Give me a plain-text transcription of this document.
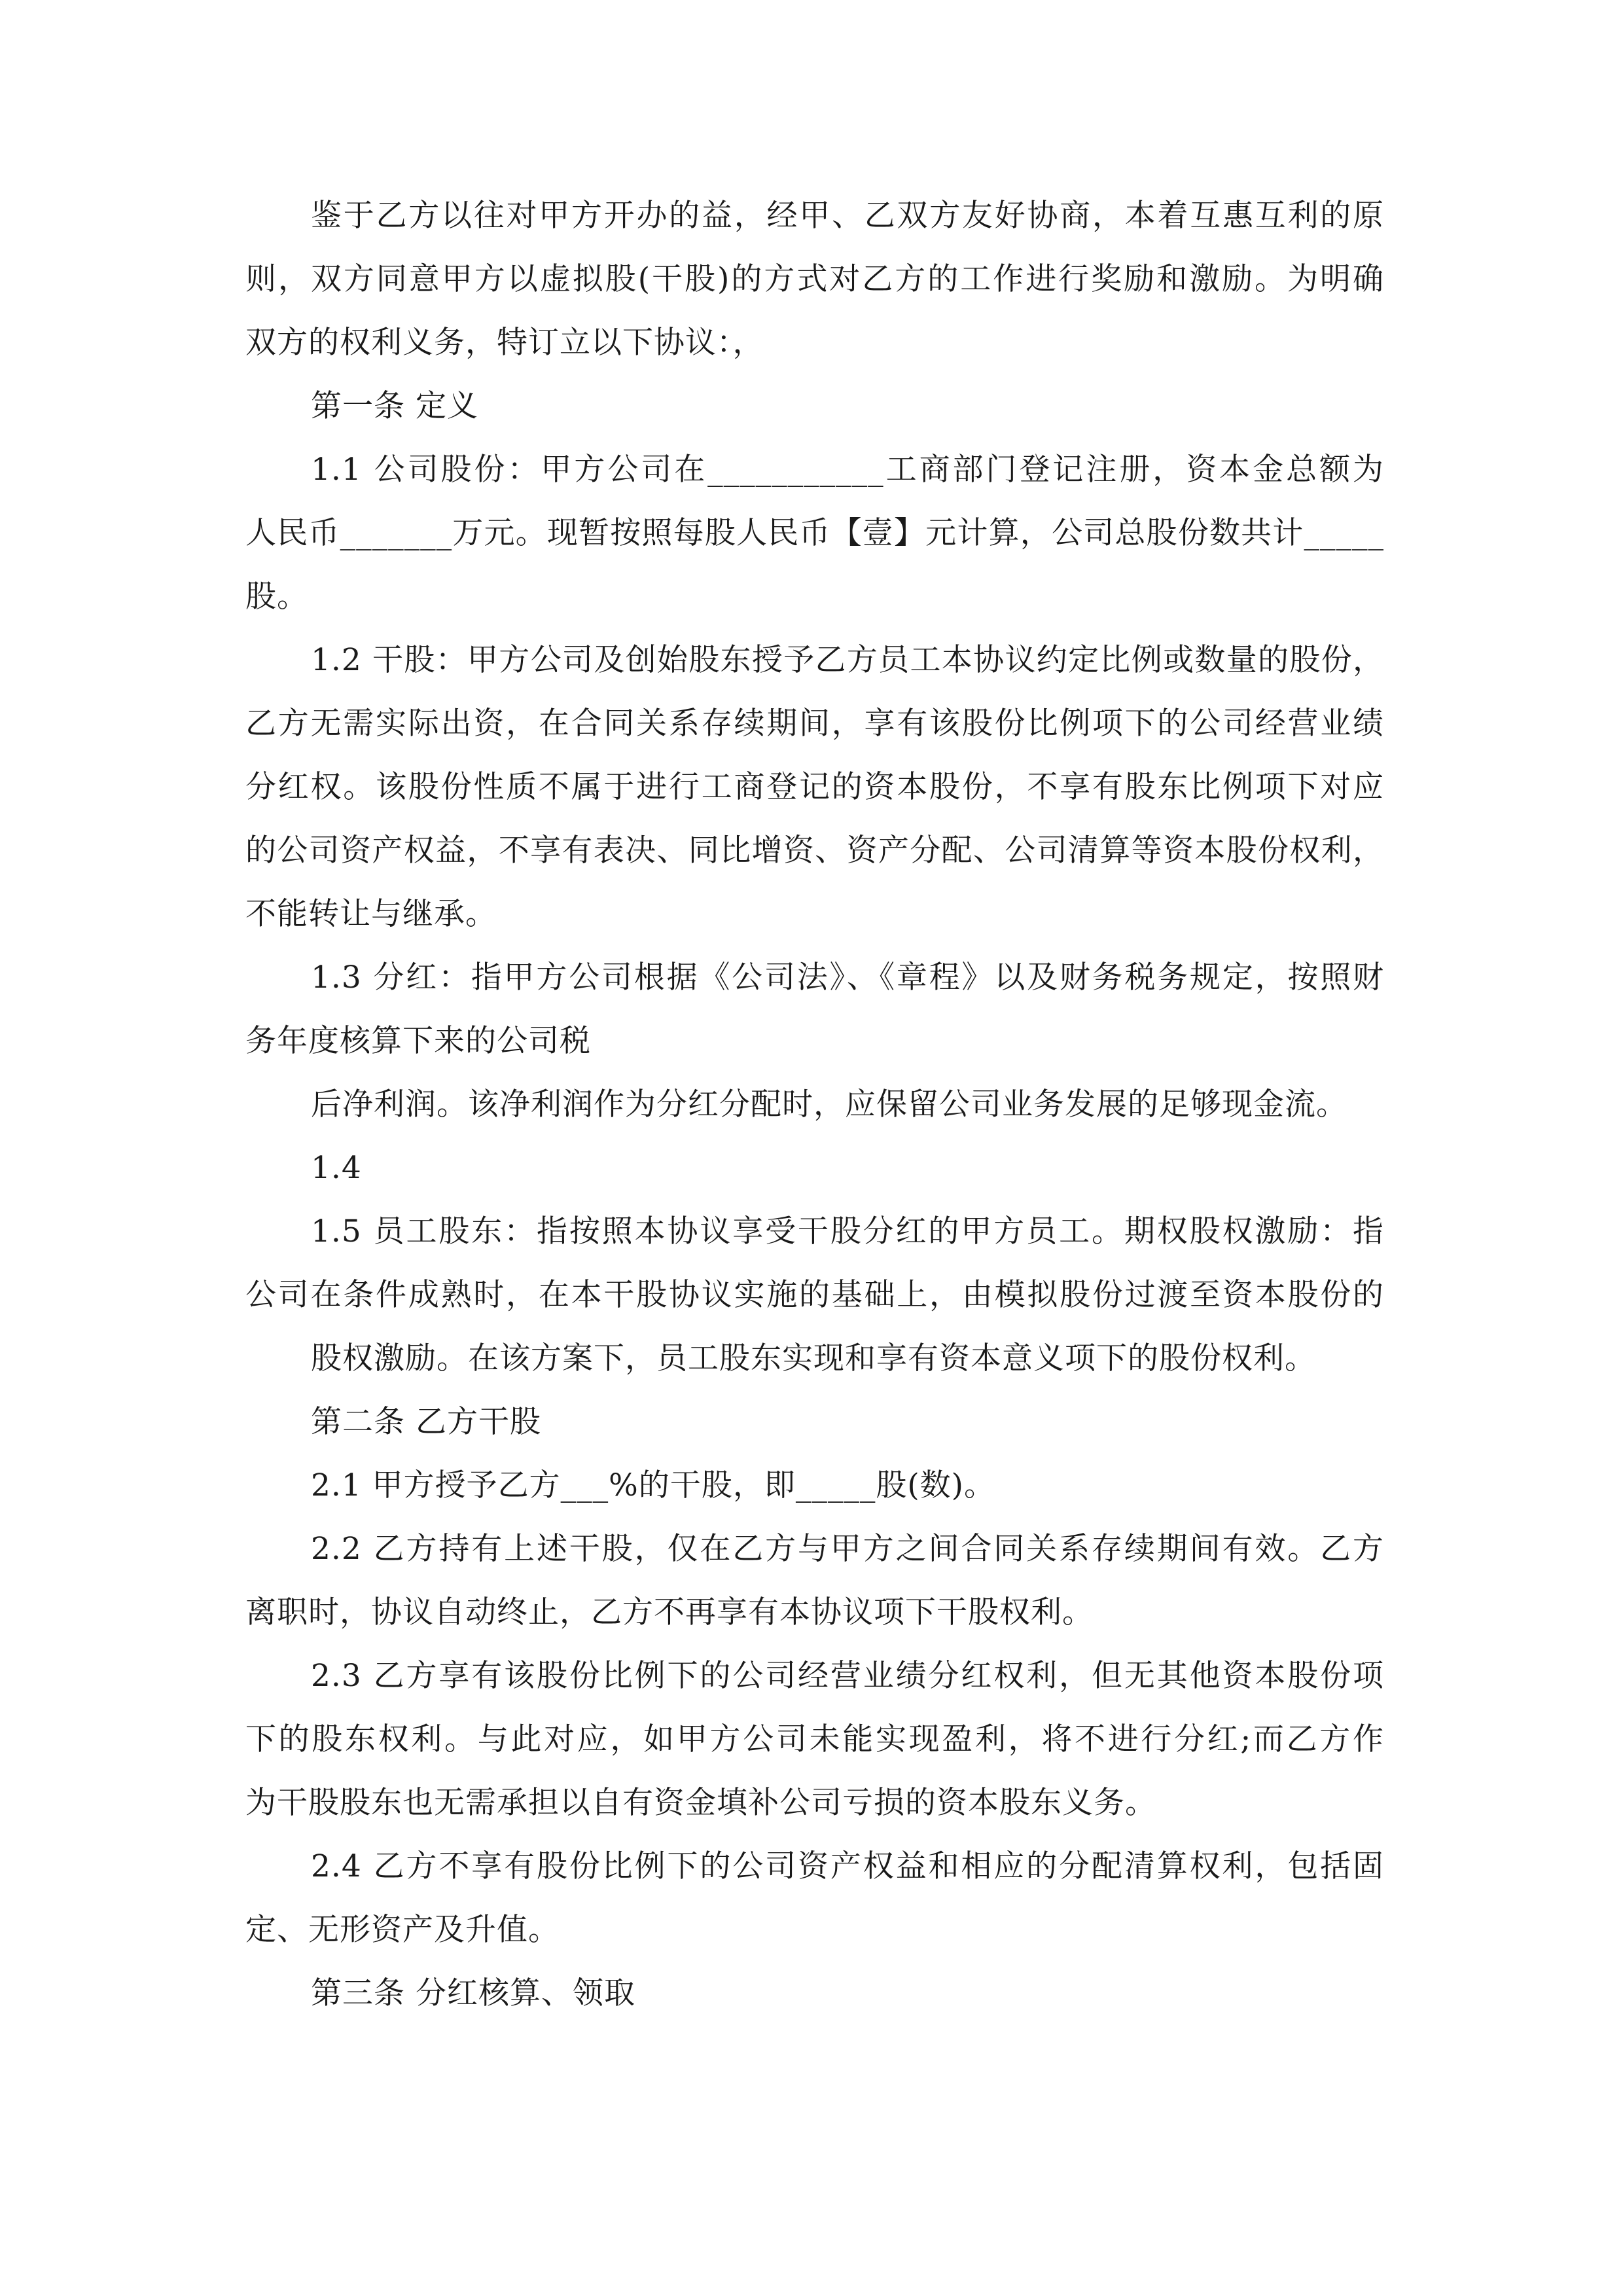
鉴于乙方以往对甲方开办的益，经甲、乙双方友好协商，本着互惠互利的原
则，双方同意甲方以虚拟股(干股)的方式对乙方的工作进行奖励和激励。为明确
双方的权利义务，特订立以下协议：，
第一条 定义
1.1 公司股份：甲方公司在___________工商部门登记注册，资本金总额为
人民币_______万元。现暂按照每股人民币【壹】元计算，公司总股份数共计_____
股。
1.2 干股：甲方公司及创始股东授予乙方员工本协议约定比例或数量的股份，
乙方无需实际出资，在合同关系存续期间，享有该股份比例项下的公司经营业绩
分红权。该股份性质不属于进行工商登记的资本股份，不享有股东比例项下对应
的公司资产权益，不享有表决、同比增资、资产分配、公司清算等资本股份权利，
不能转让与继承。
1.3 分红：指甲方公司根据《公司法》、《章程》以及财务税务规定，按照财
务年度核算下来的公司税
后净利润。该净利润作为分红分配时，应保留公司业务发展的足够现金流。
1.4
1.5 员工股东：指按照本协议享受干股分红的甲方员工。期权股权激励：指
公司在条件成熟时，在本干股协议实施的基础上，由模拟股份过渡至资本股份的
股权激励。在该方案下，员工股东实现和享有资本意义项下的股份权利。
第二条 乙方干股
2.1 甲方授予乙方___%的干股，即_____股(数)。
2.2 乙方持有上述干股，仅在乙方与甲方之间合同关系存续期间有效。乙方
离职时，协议自动终止，乙方不再享有本协议项下干股权利。
2.3 乙方享有该股份比例下的公司经营业绩分红权利，但无其他资本股份项
下的股东权利。与此对应，如甲方公司未能实现盈利，将不进行分红;而乙方作
为干股股东也无需承担以自有资金填补公司亏损的资本股东义务。
2.4 乙方不享有股份比例下的公司资产权益和相应的分配清算权利，包括固
定、无形资产及升值。
第三条 分红核算、领取
